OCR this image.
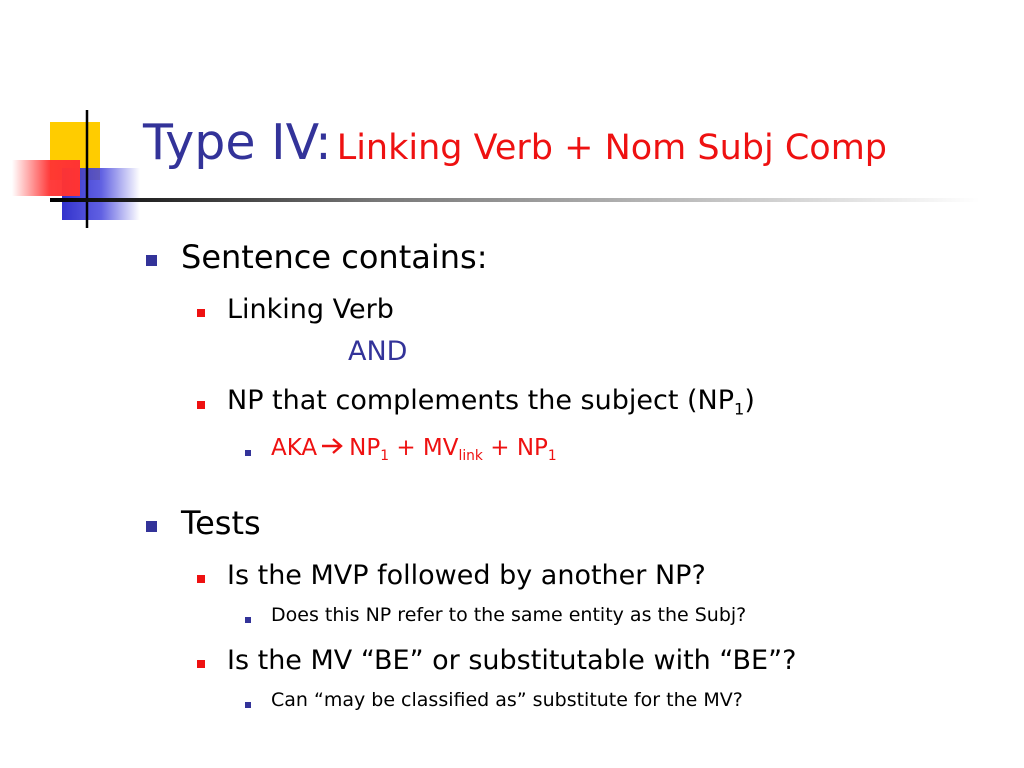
Type IV: Linking Verb + Nom Subj Comp
Sentence contains:
Linking Verb
AND
NP that complements the subject $(NP_1)$
AKA $NP_1 + MV_{link} + NP_1$
Tests
Is the MVP followed by another NP?
Does this NP refer to the same entity as the Subj?
Is the MV “BE” or substitutable with “BE”?
Can “may be classified as” substitute for the MV?
